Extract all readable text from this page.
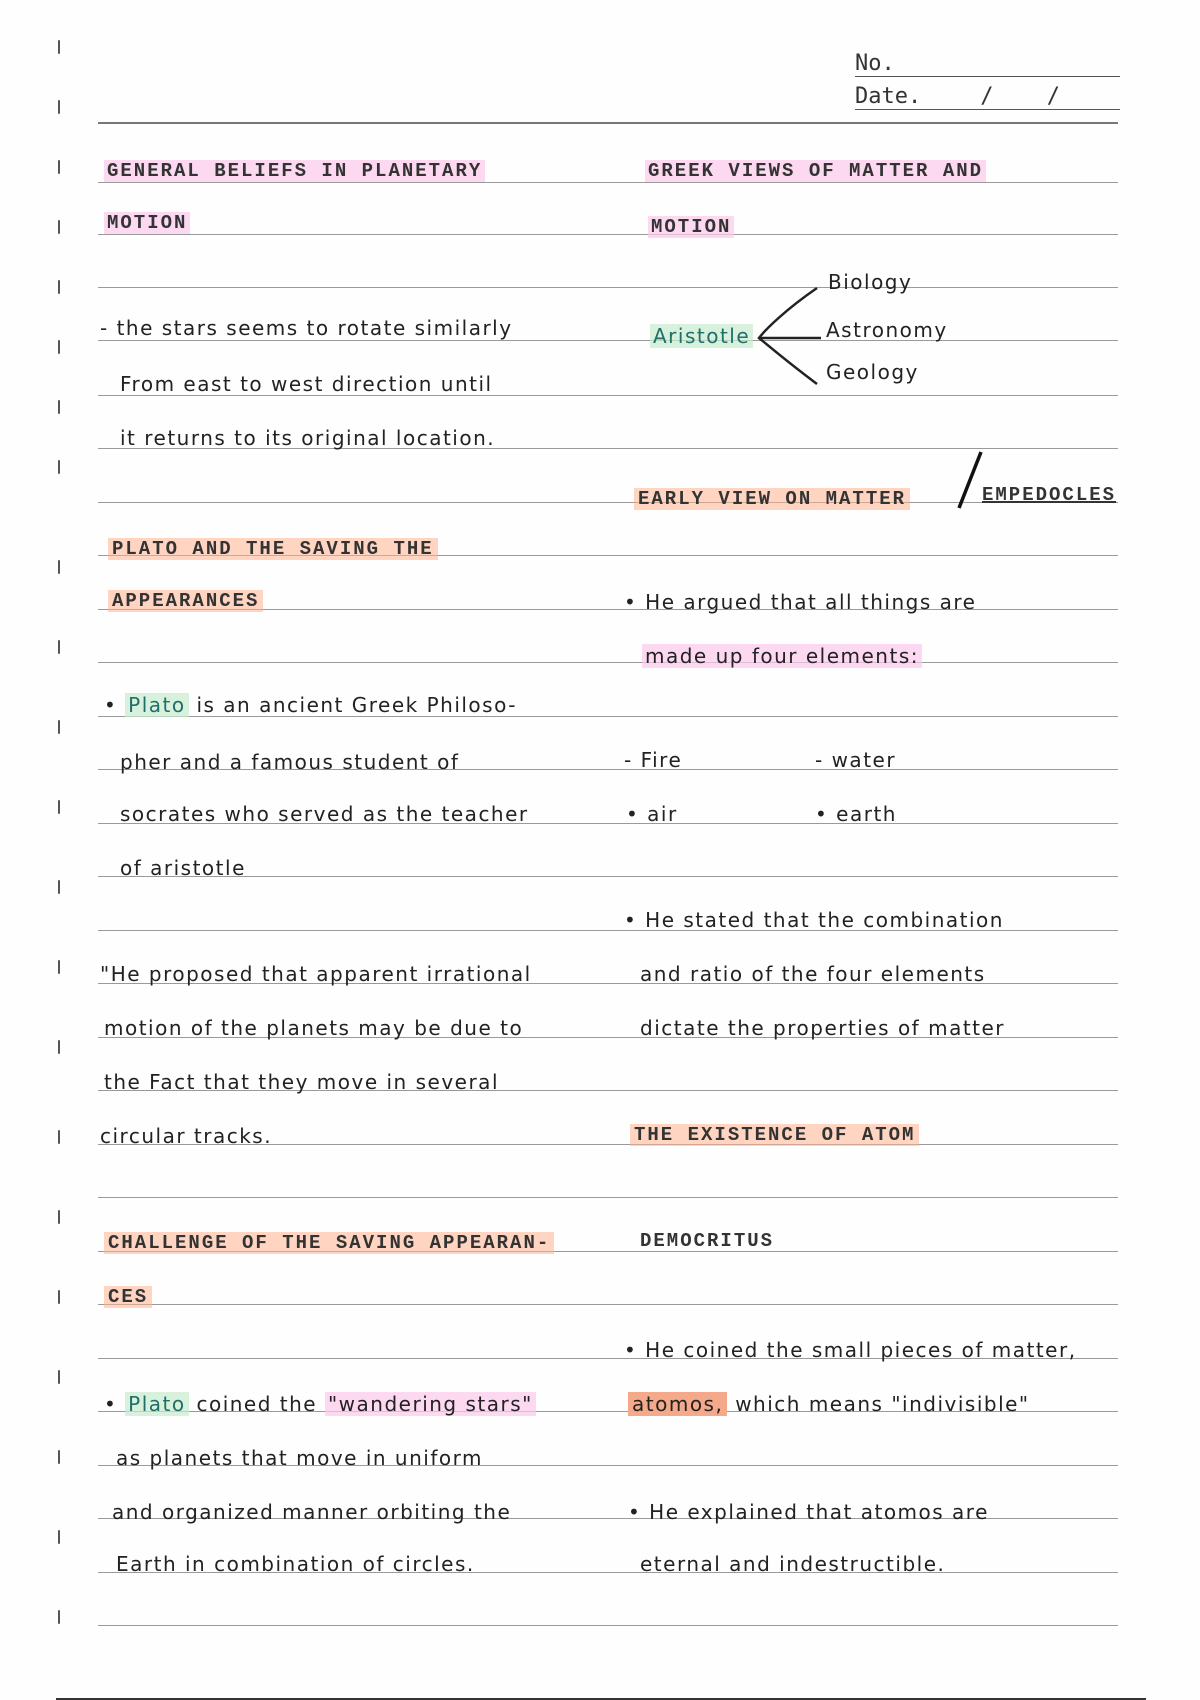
No.
Date.	/ /
GENERAL BELIEFS IN PLANETARY
MOTION
- the stars seems to rotate similarly
From east to west direction until
it returns to its original location.
PLATO AND THE SAVING THE
APPEARANCES
• Plato is an ancient Greek Philoso-
pher and a famous student of
socrates who served as the teacher
of aristotle
"He proposed that apparent irrational
motion of the planets may be due to
the Fact that they move in several
circular tracks.
CHALLENGE OF THE SAVING APPEARAN-
CES
• Plato coined the "wandering stars"
as planets that move in uniform
and organized manner orbiting the
Earth in combination of circles.
GREEK VIEWS OF MATTER AND
MOTION
Aristotle
Biology
Astronomy
Geology
EARLY VIEW ON MATTER	EMPEDOCLES
• He argued that all things are
made up four elements:
- Fire	- water
• air	• earth
• He stated that the combination
and ratio of the four elements
dictate the properties of matter
THE EXISTENCE OF ATOM
DEMOCRITUS
• He coined the small pieces of matter,
atomos, which means "indivisible"
• He explained that atomos are
eternal and indestructible.
